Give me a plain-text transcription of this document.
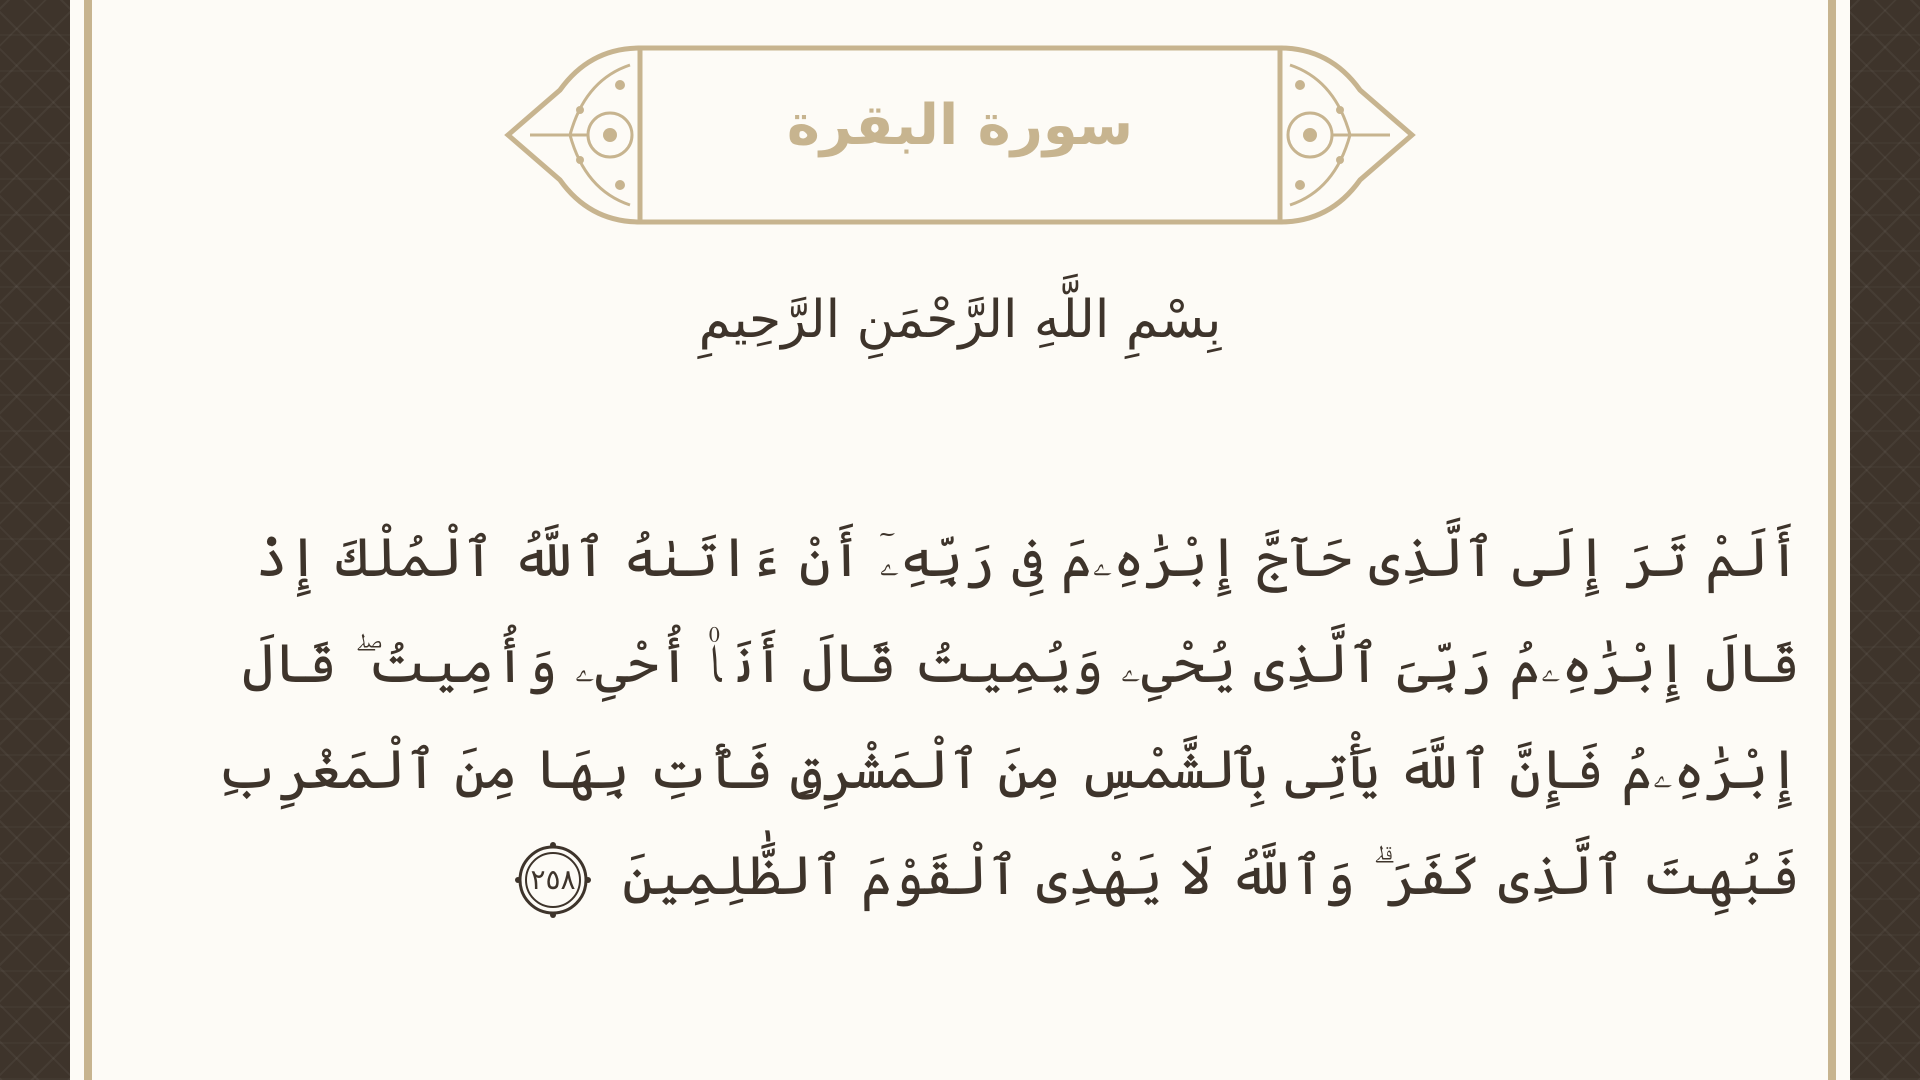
سورة البقرة
بِسْمِ اللَّهِ الرَّحْمَنِ الرَّحِيمِ
أَلَمْ تَرَ إِلَى ٱلَّذِى حَآجَّ إِبْرَٰهِۦمَ فِى رَبِّهِۦٓ أَنْ ءَاتَىٰهُ ٱللَّهُ ٱلْمُلْكَ إِذْ قَالَ إِبْرَٰهِۦمُ رَبِّىَ ٱلَّذِى يُحْىِۦ وَيُمِيتُ قَالَ أَنَا۠ أُحْىِۦ وَأُمِيتُ ۖ قَالَ إِبْرَٰهِۦمُ فَإِنَّ ٱللَّهَ يَأْتِى بِٱلشَّمْسِ مِنَ ٱلْمَشْرِقِ فَأْتِ بِهَا مِنَ ٱلْمَغْرِبِ فَبُهِتَ ٱلَّذِى كَفَرَ ۗ وَٱللَّهُ لَا يَهْدِى ٱلْقَوْمَ ٱلظَّٰلِمِينَ
٢٥٨
